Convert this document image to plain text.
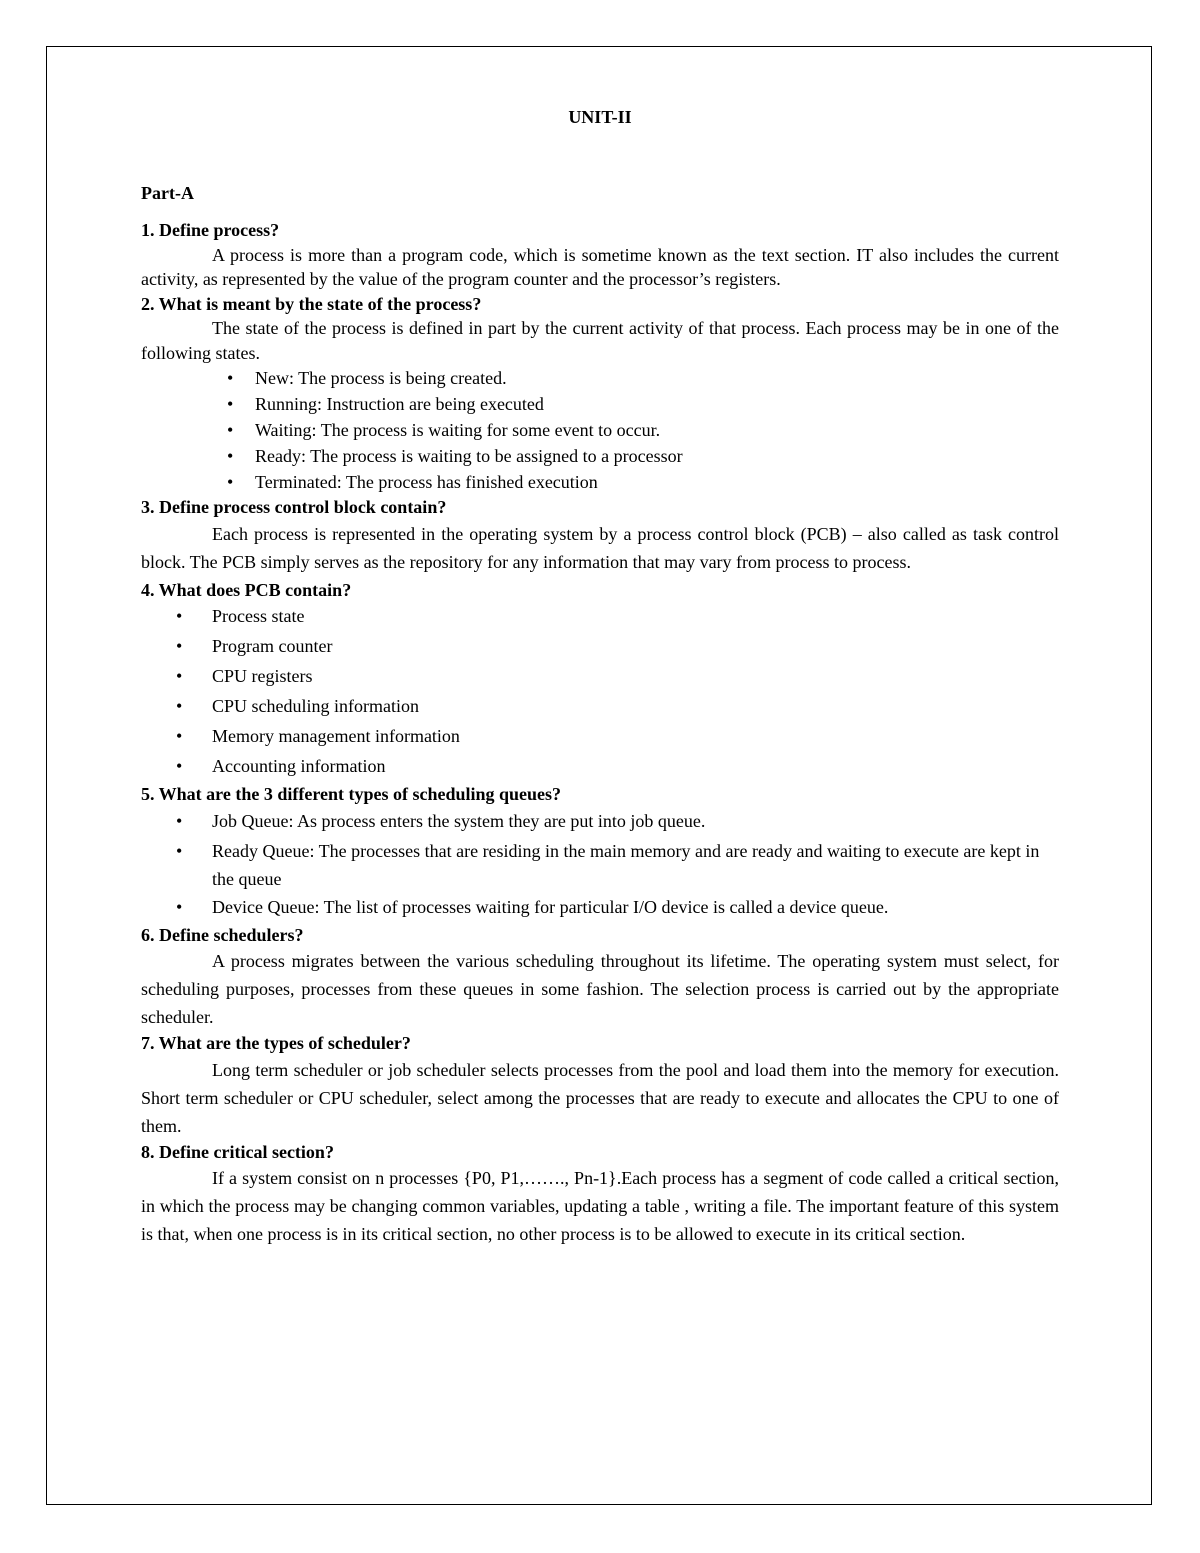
UNIT-II

Part-A

1. Define process?

A process is more than a program code, which is sometime known as the text section. IT also includes the current activity, as represented by the value of the program counter and the processor’s registers.

2. What is meant by the state of the process?

The state of the process is defined in part by the current activity of that process. Each process may be in one of the following states.

• New: The process is being created.
• Running: Instruction are being executed
• Waiting: The process is waiting for some event to occur.
• Ready: The process is waiting to be assigned to a processor
• Terminated: The process has finished execution

3. Define process control block contain?

Each process is represented in the operating system by a process control block (PCB) – also called as task control block. The PCB simply serves as the repository for any information that may vary from process to process.

4. What does PCB contain?

• Process state
• Program counter
• CPU registers
• CPU scheduling information
• Memory management information
• Accounting information

5. What are the 3 different types of scheduling queues?

• Job Queue: As process enters the system they are put into job queue.
• Ready Queue: The processes that are residing in the main memory and are ready and waiting to execute are kept in the queue
• Device Queue: The list of processes waiting for particular I/O device is called a device queue.

6. Define schedulers?

A process migrates between the various scheduling throughout its lifetime. The operating system must select, for scheduling purposes, processes from these queues in some fashion. The selection process is carried out by the appropriate scheduler.

7. What are the types of scheduler?

Long term scheduler or job scheduler selects processes from the pool and load them into the memory for execution. Short term scheduler or CPU scheduler, select among the processes that are ready to execute and allocates the CPU to one of them.

8. Define critical section?

If a system consist on n processes {P0, P1,……., Pn-1}.Each process has a segment of code called a critical section, in which the process may be changing common variables, updating a table , writing a file. The important feature of this system is that, when one process is in its critical section, no other process is to be allowed to execute in its critical section.
